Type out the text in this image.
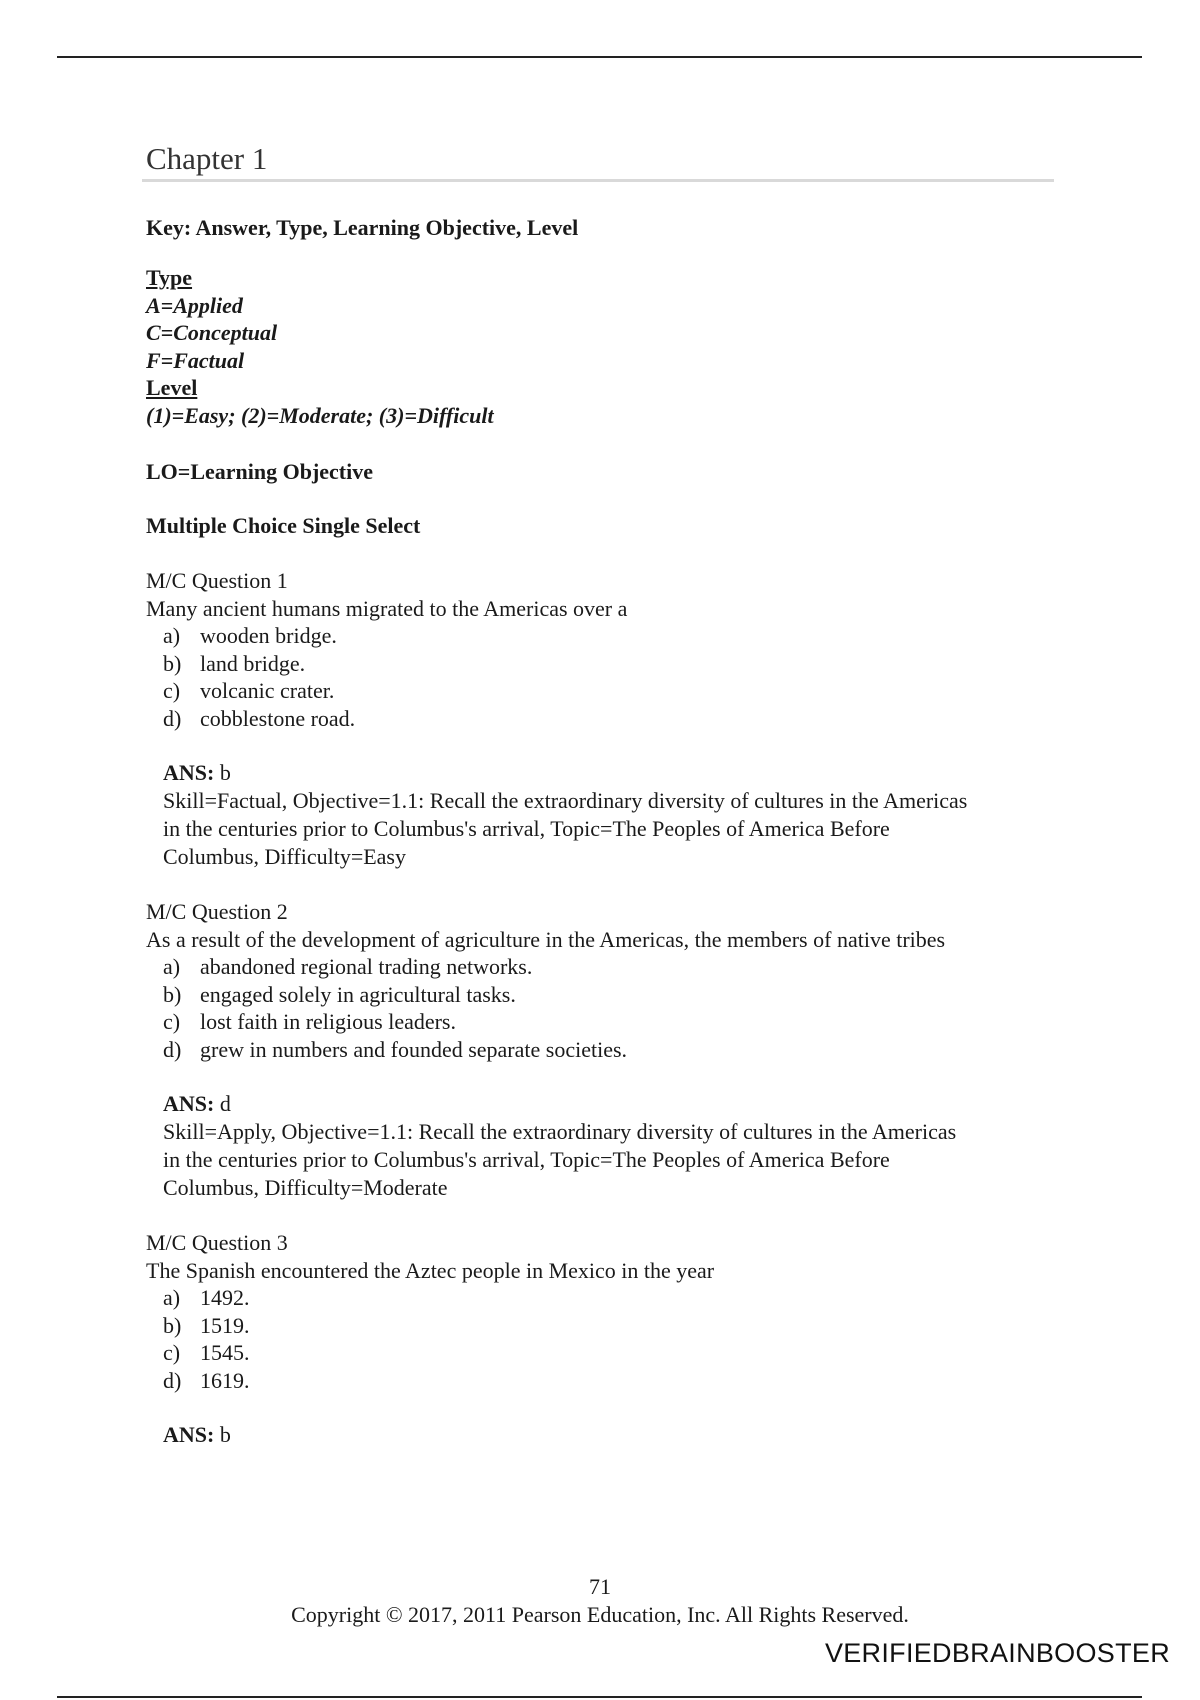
Chapter 1
Key: Answer, Type, Learning Objective, Level
Type
A=Applied
C=Conceptual
F=Factual
Level
(1)=Easy; (2)=Moderate; (3)=Difficult
LO=Learning Objective
Multiple Choice Single Select
M/C Question 1
Many ancient humans migrated to the Americas over a
a) wooden bridge.
b) land bridge.
c) volcanic crater.
d) cobblestone road.
ANS: b
Skill=Factual, Objective=1.1: Recall the extraordinary diversity of cultures in the Americas
in the centuries prior to Columbus's arrival, Topic=The Peoples of America Before
Columbus, Difficulty=Easy
M/C Question 2
As a result of the development of agriculture in the Americas, the members of native tribes
a) abandoned regional trading networks.
b) engaged solely in agricultural tasks.
c) lost faith in religious leaders.
d) grew in numbers and founded separate societies.
ANS: d
Skill=Apply, Objective=1.1: Recall the extraordinary diversity of cultures in the Americas
in the centuries prior to Columbus's arrival, Topic=The Peoples of America Before
Columbus, Difficulty=Moderate
M/C Question 3
The Spanish encountered the Aztec people in Mexico in the year
a) 1492.
b) 1519.
c) 1545.
d) 1619.
ANS: b
71
Copyright © 2017, 2011 Pearson Education, Inc. All Rights Reserved.
VERIFIEDBRAINBOOSTER
